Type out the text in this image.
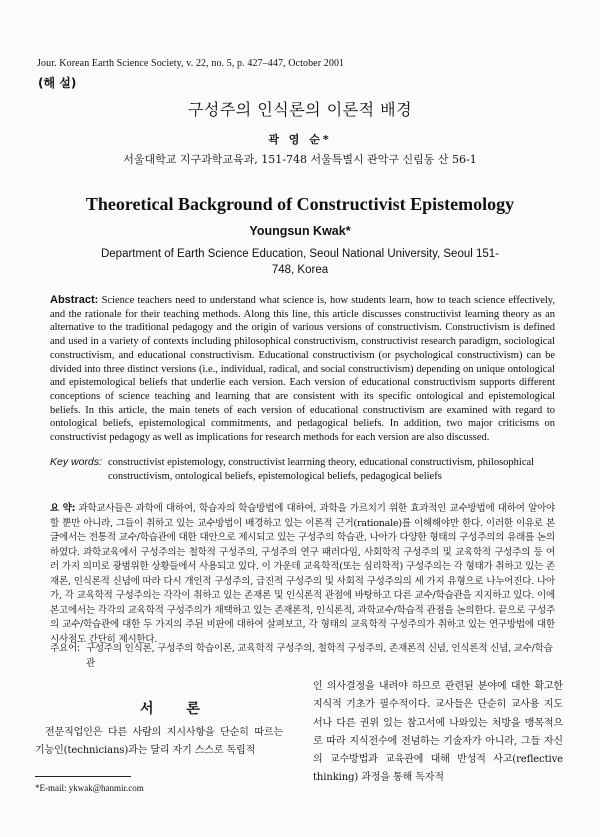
Jour. Korean Earth Science Society, v. 22, no. 5, p. 427–447, October 2001
(해 설)
구성주의 인식론의 이론적 배경
곽 영 순*
서울대학교 지구과학교육과, 151-748 서울특별시 관악구 신림동 산 56-1
Theoretical Background of Constructivist Epistemology
Youngsun Kwak*
Department of Earth Science Education, Seoul National University, Seoul 151-748, Korea
Abstract: Science teachers need to understand what science is, how students learn, how to teach science effectively, and the rationale for their teaching methods. Along this line, this article discusses constructivist learning theory as an alternative to the traditional pedagogy and the origin of various versions of constructivism. Constructivism is defined and used in a variety of contexts including philosophical constructivism, constructivist research paradigm, sociological constructivism, and educational constructivism. Educational constructivism (or psychological constructivism) can be divided into three distinct versions (i.e., individual, radical, and social constructivism) depending on unique ontological and epistemological beliefs that underlie each version. Each version of educational constructivism supports different conceptions of science teaching and learning that are consistent with its specific ontological and epistemological beliefs. In this article, the main tenets of each version of educational constructivism are examined with regard to ontological beliefs, epistemological commitments, and pedagogical beliefs. In addition, two major criticisms on constructivist pedagogy as well as implications for research methods for each version are also discussed.
Key words: constructivist epistemology, constructivist learrning theory, educational constructivism, philosophical constructivism, ontological beliefs, epistemological beliefs, pedagogical beliefs
요 약: 과학교사들은 과학에 대하여, 학습자의 학습방법에 대하여, 과학을 가르치기 위한 효과적인 교수방법에 대하여 알아야 할 뿐만 아니라, 그들이 취하고 있는 교수방법이 배경하고 있는 이론적 근거(rationale)를 이해해야만 한다. 이러한 이유로 본 글에서는 전통적 교수/학습관에 대한 대안으로 제시되고 있는 구성주의 학습관, 나아가 다양한 형태의 구성주의의 유래를 논의하였다. 과학교육에서 구성주의는 철학적 구성주의, 구성주의 연구 패러다임, 사회학적 구성주의 및 교육학적 구성주의 등 여러 가지 의미로 광범위한 상황들에서 사용되고 있다. 이 가운데 교육학적(또는 심리학적) 구성주의는 각 형태가 취하고 있는 존재론, 인식론적 신념에 따라 다시 개인적 구성주의, 급진적 구성주의 및 사회적 구성주의의 세 가지 유형으로 나누어진다. 나아가, 각 교육학적 구성주의는 각각이 취하고 있는 존재론 및 인식론적 관점에 바탕하고 다른 교수/학습관을 지지하고 있다. 이에 본고에서는 각각의 교육학적 구성주의가 채택하고 있는 존재론적, 인식론적, 과학교수/학습적 관점을 논의한다. 끝으로 구성주의 교수/학습관에 대한 두 가지의 주된 비판에 대하여 살펴보고, 각 형태의 교육학적 구성주의가 취하고 있는 연구방법에 대한 시사점도 간단히 제시한다.
주요어: 구성주의 인식론, 구성주의 학습이론, 교육학적 구성주의, 철학적 구성주의, 존재론적 신념, 인식론적 신념, 교수/학습관
서 론
전문직업인은 다른 사람의 지시사항을 단순히 따르는 기능인(technicians)과는 달리 자기 스스로 독립적
인 의사결정을 내려야 하므로 관련된 분야에 대한 확고한 지식적 기초가 필수적이다. 교사들은 단순히 교사용 지도서나 다른 권위 있는 참고서에 나와있는 처방을 맹목적으로 따라 지식전수에 전념하는 기술자가 아니라, 그들 자신의 교수방법과 교육관에 대해 반성적 사고(reflective thinking) 과정을 통해 독자적
*E-mail: ykwak@hanmir.com
